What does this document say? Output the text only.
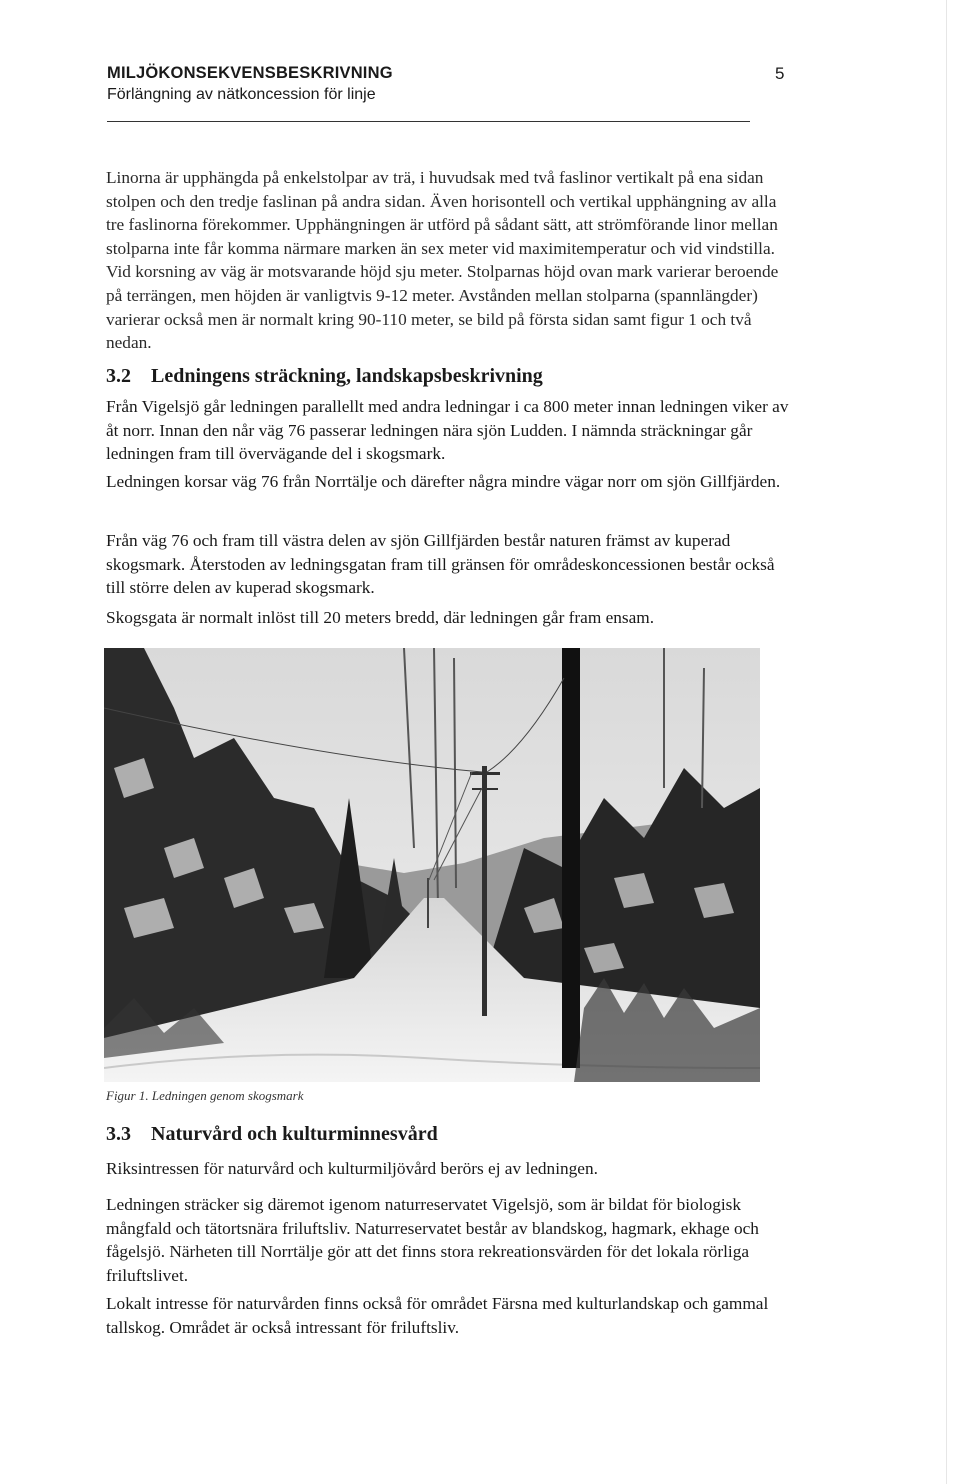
MILJÖKONSEKVENSBESKRIVNING
Förlängning av nätkoncession för linje
5

Linorna är upphängda på enkelstolpar av trä, i huvudsak med två faslinor vertikalt på ena sidan stolpen och den tredje faslinan på andra sidan. Även horisontell och vertikal upphängning av alla tre faslinorna förekommer. Upphängningen är utförd på sådant sätt, att strömförande linor mellan stolparna inte får komma närmare marken än sex meter vid maximitemperatur och vid vindstilla. Vid korsning av väg är motsvarande höjd sju meter. Stolparnas höjd ovan mark varierar beroende på terrängen, men höjden är vanligtvis 9-12 meter. Avstånden mellan stolparna (spannlängder) varierar också men är normalt kring 90-110 meter, se bild på första sidan samt figur 1 och två nedan.

3.2 Ledningens sträckning, landskapsbeskrivning

Från Vigelsjö går ledningen parallellt med andra ledningar i ca 800 meter innan ledningen viker av åt norr. Innan den når väg 76 passerar ledningen nära sjön Ludden. I nämnda sträckningar går ledningen fram till övervägande del i skogsmark.

Ledningen korsar väg 76 från Norrtälje och därefter några mindre vägar norr om sjön Gillfjärden.

Från väg 76 och fram till västra delen av sjön Gillfjärden består naturen främst av kuperad skogsmark. Återstoden av ledningsgatan fram till gränsen för områdeskoncessionen består också till större delen av kuperad skogsmark.

Skogsgata är normalt inlöst till 20 meters bredd, där ledningen går fram ensam.

Figur 1. Ledningen genom skogsmark
3.3 Naturvård och kulturminnesvård

Riksintressen för naturvård och kulturmiljövård berörs ej av ledningen.

Ledningen sträcker sig däremot igenom naturreservatet Vigelsjö, som är bildat för biologisk mångfald och tätortsnära friluftsliv. Naturreservatet består av blandskog, hagmark, ekhage och fågelsjö. Närheten till Norrtälje gör att det finns stora rekreationsvärden för det lokala rörliga friluftslivet.

Lokalt intresse för naturvården finns också för området Färsna med kulturlandskap och gammal tallskog. Området är också intressant för friluftsliv.
